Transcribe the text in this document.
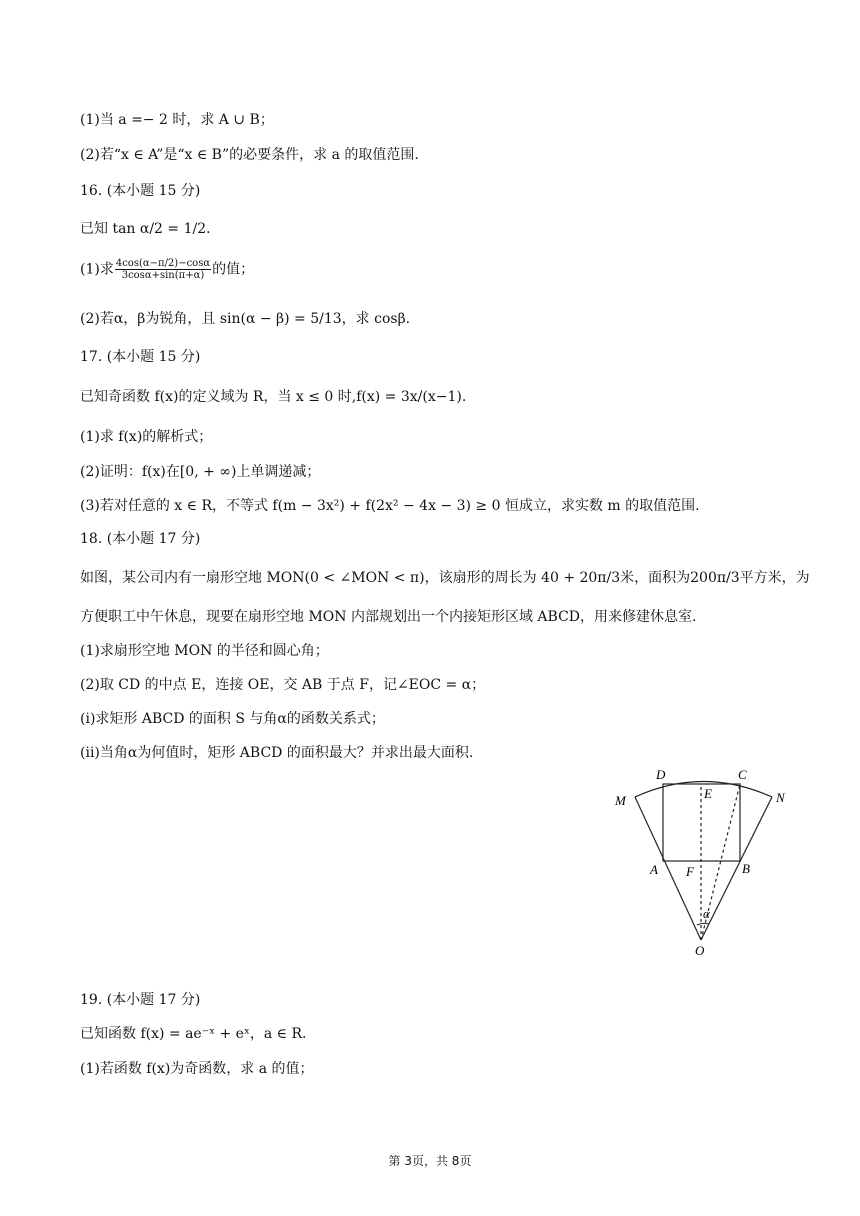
(1)当 a =− 2 时，求 A ∪ B；
(2)若“x ∈ A”是“x ∈ B”的必要条件，求 a 的取值范围.
16. (本小题 15 分)
已知 tan α/2 = 1/2.
(1)求 $\frac{4\cos(\alpha-\pi/2)-\cos\alpha}{3\cos\alpha+\sin(\pi+\alpha)}$ 的值；
(2)若α，β为锐角，且 sin(α − β) = 5/13，求 cosβ.
17. (本小题 15 分)
已知奇函数 f(x)的定义域为 R，当 x ≤ 0 时,f(x) = 3x/(x−1).
(1)求 f(x)的解析式；
(2)证明：f(x)在[0, + ∞)上单调递减；
(3)若对任意的 x ∈ R，不等式 f(m − 3x²) + f(2x² − 4x − 3) ≥ 0 恒成立，求实数 m 的取值范围.
18. (本小题 17 分)
如图，某公司内有一扇形空地 MON(0 < ∠MON < π)，该扇形的周长为 40 + 20π/3米，面积为200π/3平方米，为
方便职工中午休息，现要在扇形空地 MON 内部规划出一个内接矩形区域 ABCD，用来修建休息室.
(1)求扇形空地 MON 的半径和圆心角；
(2)取 CD 的中点 E，连接 OE，交 AB 于点 F，记∠EOC = α；
(i)求矩形 ABCD 的面积 S 与角α的函数关系式；
(ii)当角α为何值时，矩形 ABCD 的面积最大？并求出最大面积.
M	N
D	C
E
A	B
F
α
O
19. (本小题 17 分)
已知函数 f(x) = ae⁻ˣ + eˣ，a ∈ R.
(1)若函数 f(x)为奇函数，求 a 的值；
第 3页，共 8页
